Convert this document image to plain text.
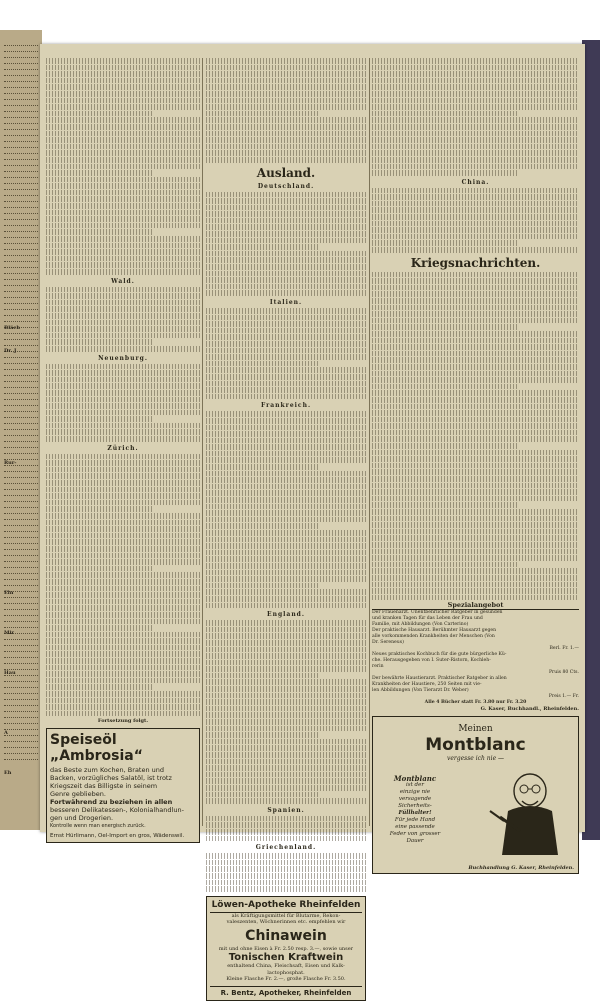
Bläch
Dr. J
Rur-
Eln
Mir
Hau
A
Eh
Wald.
Neuenburg.
Zürich.
Fortsetzung folgt.
Speiseöl „Ambrosia“
das Beste zum Kochen, Braten und
Backen, vorzügliches Salatöl, ist trotz
Kriegszeit das Billigste in seinem
Genre geblieben.
Fortwährend zu beziehen in allen
besseren Delikatessen-, Kolonialhandlun-
gen und Drogerien.
Kontrolle wenn man energisch zurück.
Ernst Hürlimann, Oel-Import en gros, Wädenswil.
Ausland.
Deutschland.
Italien.
Frankreich.
England.
Spanien.
Griechenland.
Löwen-Apotheke Rheinfelden
als Kräftigungsmittel für Blutarme, Rekon-
valeszenten, Wöchnerinnen etc. empfehlen wir
Chinawein
mit und ohne Eisen à Fr. 2.50 resp. 3.—, sowie unser
Tonischen Kraftwein
enthaltend China, Fleischsaft, Eisen und Kalk-
lactophosphat.
Kleine Flasche Fr. 2.—, große Flasche Fr. 3.50.
R. Bentz, Apotheker, Rheinfelden
China.
Kriegsnachrichten.
Spezialangebot
Der Frauenarzt. Unentbehrlicher Ratgeber in gesunden
und kranken Tagen für das Leben der Frau und
Familie, mit Abbildungen (Von Carterino)
Der praktische Hausarzt. Berühmter Hausarzt gegen
alle vorkommenden Krankheiten der Menschen (Von
Dr. Sereneus)
Berl. Fr. 1.—
Neues praktisches Kochbuch für die gute bürgerliche Kü-
che. Herausgegeben von I. Suter-Ristorn, Kochleh-
rerin
Pruis 80 Cts.
Der bewährte Haustierarzt. Praktischer Ratgeber in allen
Krankheiten der Haustiere, 250 Seiten mit vie-
len Abbildungen (Von Tierarzt Dr. Weber)
Preis 1.— Fr.
Alle 4 Bücher statt Fr. 3.80 nur Fr. 3.20
G. Kaser, Buchhandl., Rheinfelden.
Meinen
Montblanc
vergesse ich nie —
Montblanc
ist der
einzige nie
versagende
Sicherheits-
Füllhalter!
Für jede Hand
eine passende
Feder von grosser
Dauer
Buchhandlung G. Kaser, Rheinfelden.
